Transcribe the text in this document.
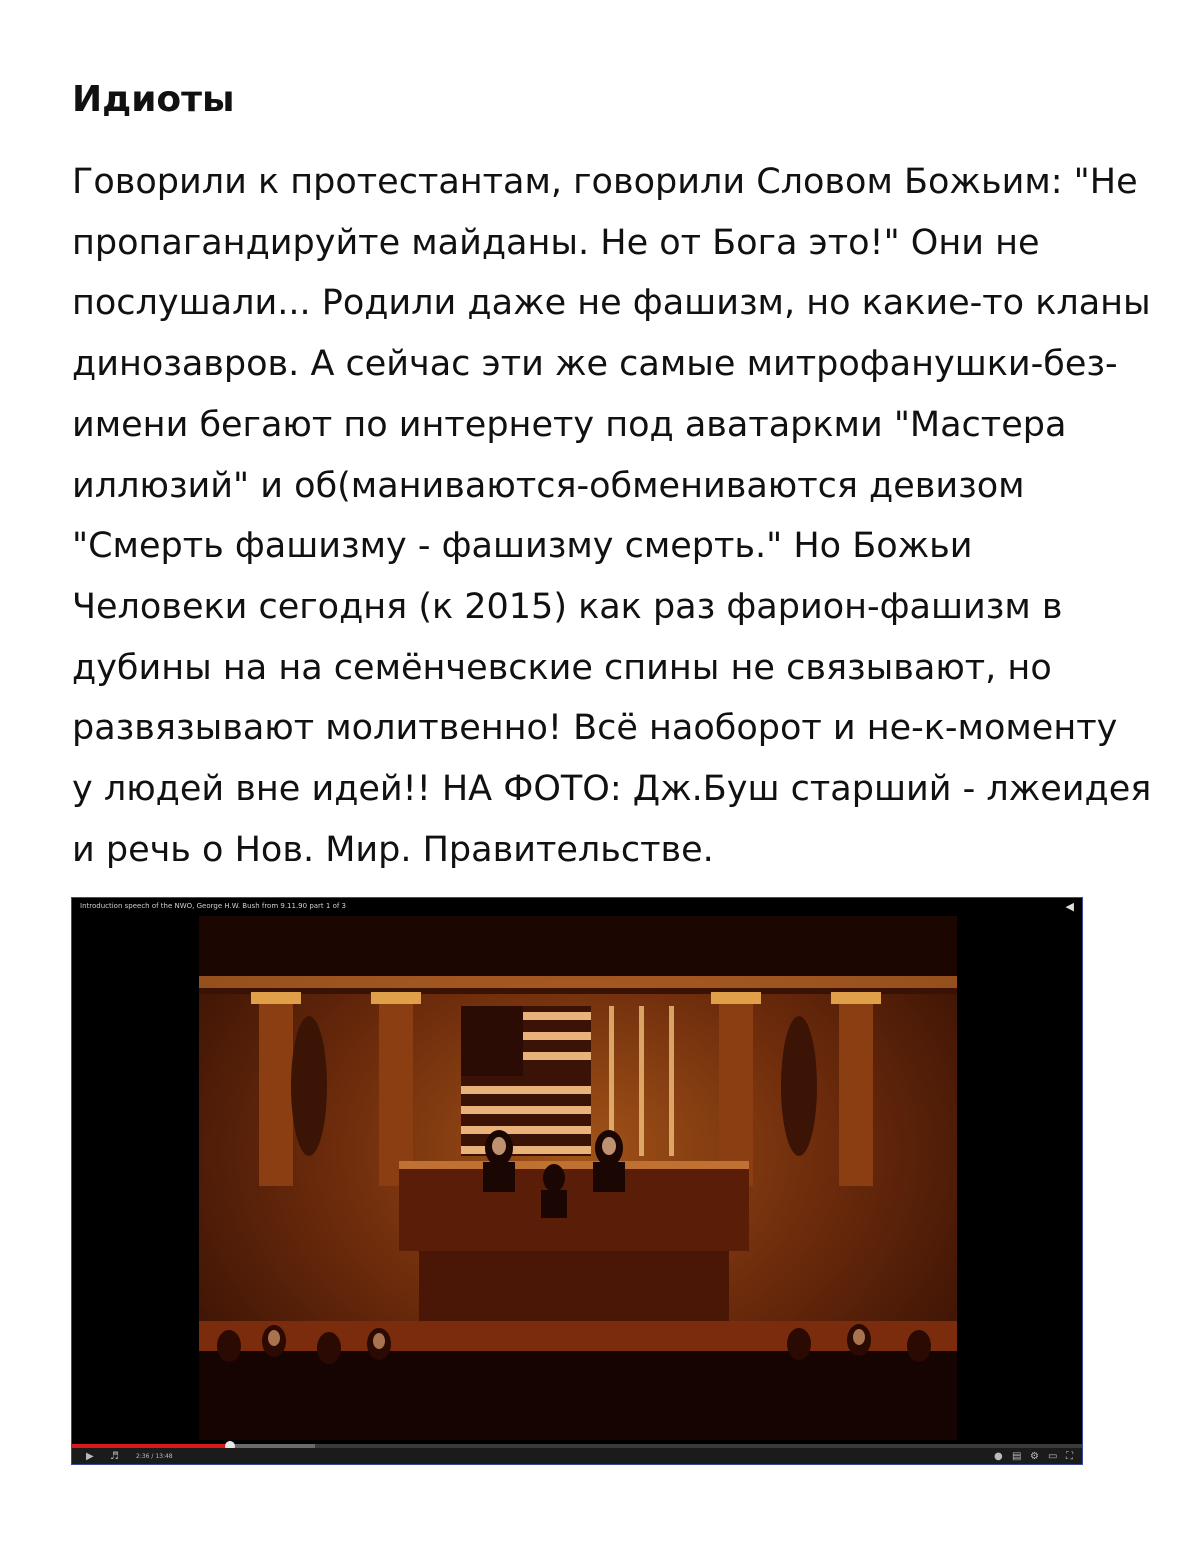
Идиоты
Говорили к протестантам, говорили Словом Божьим: "Не
пропагандируйте майданы. Не от Бога это!" Они не
послушали... Родили даже не фашизм, но какие-то кланы
динозавров. А сейчас эти же самые митрофанушки-без-
имени бегают по интернету под аватаркми "Мастера
иллюзий" и об(маниваются-обмениваются девизом
"Смерть фашизму - фашизму смерть." Но Божьи
Человеки сегодня (к 2015) как раз фарион-фашизм в
дубины на на семёнчевские спины не связывают, но
развязывают молитвенно! Всё наоборот и не-к-моменту
у людей вне идей!! НА ФОТО: Дж.Буш старший - лжеидея
и речь о Нов. Мир. Правительстве.
Introduction speech of the NWO, George H.W. Bush from 9.11.90 part 1 of 3	◀
▶ ♬	2:36 / 13:48	● ▤ ⚙ ▭ ⛶
